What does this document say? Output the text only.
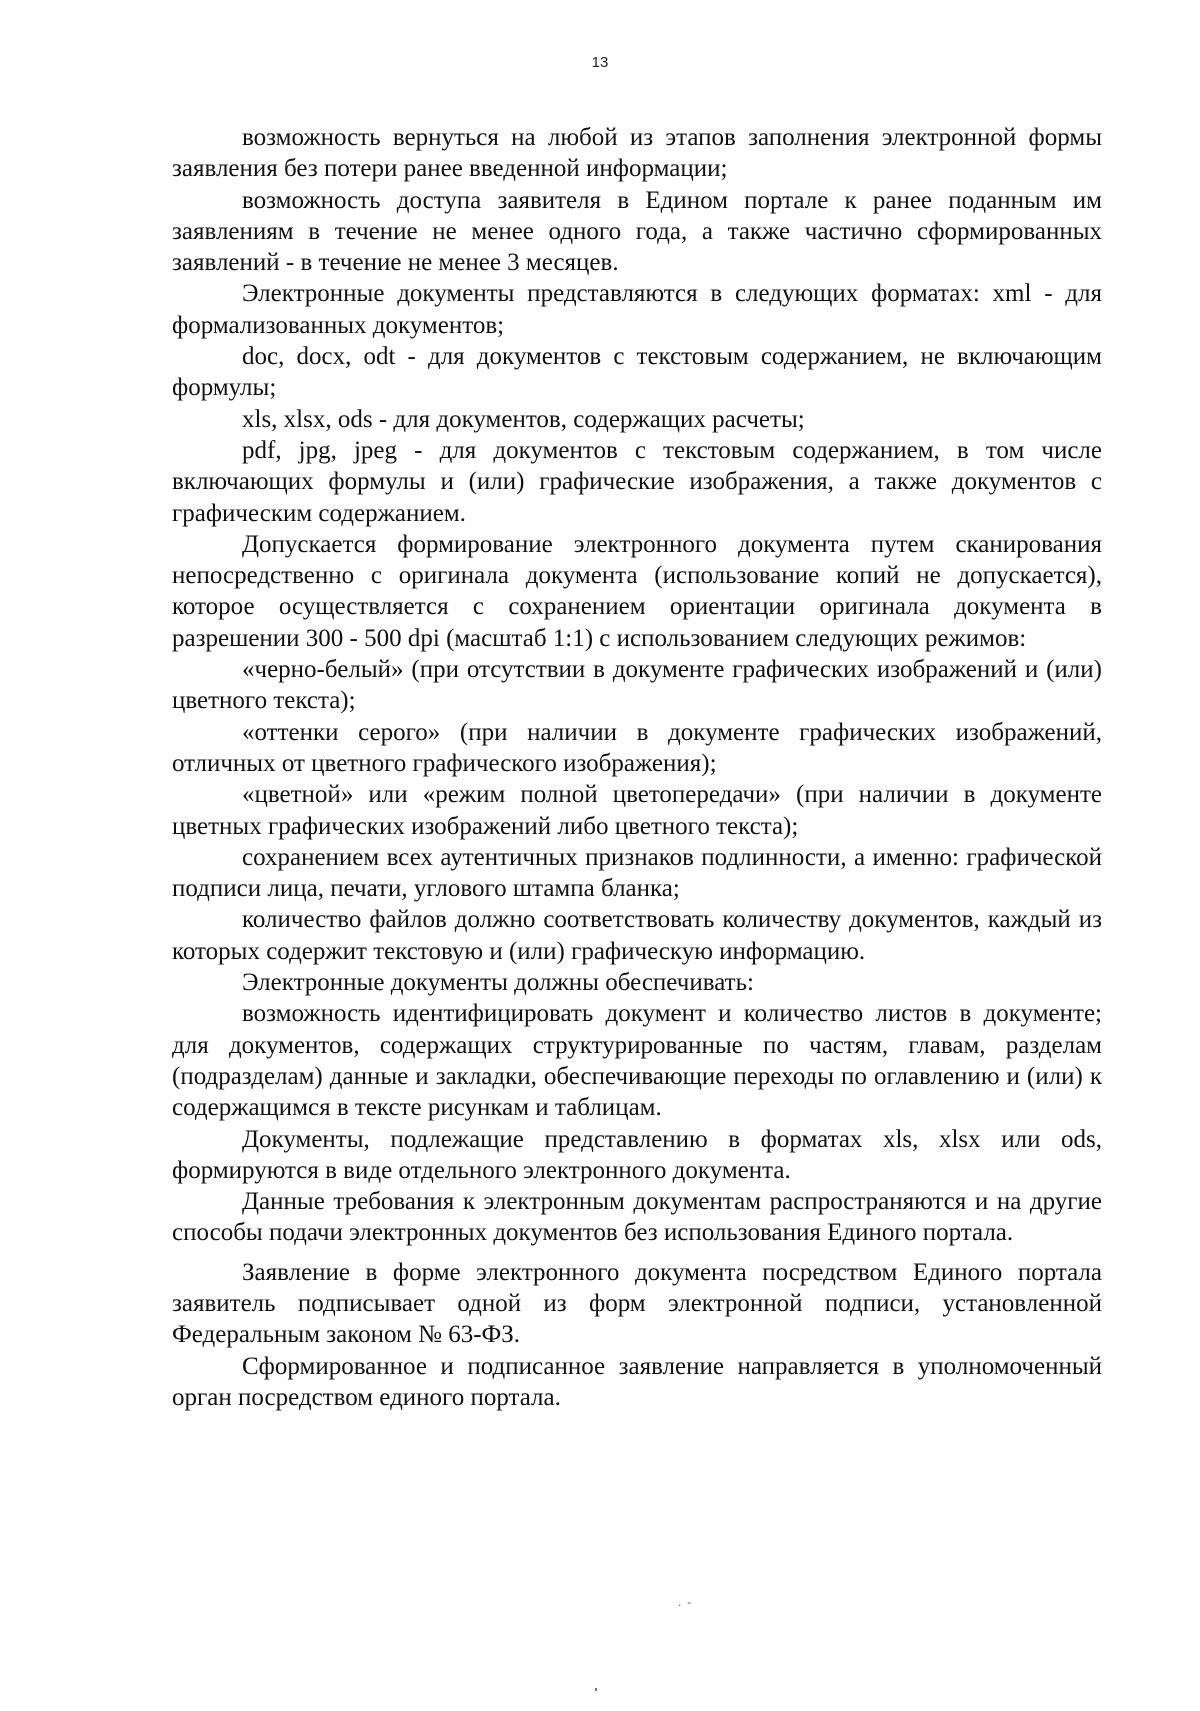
13

возможность вернуться на любой из этапов заполнения электронной формы заявления без потери ранее введенной информации;

возможность доступа заявителя в Едином портале к ранее поданным им заявлениям в течение не менее одного года, а также частично сформированных заявлений - в течение не менее 3 месяцев.

Электронные документы представляются в следующих форматах: xml - для формализованных документов;

doc, docx, odt - для документов с текстовым содержанием, не включающим формулы;

xls, xlsx, ods - для документов, содержащих расчеты;

pdf, jpg, jpeg - для документов с текстовым содержанием, в том числе включающих формулы и (или) графические изображения, а также документов с графическим содержанием.

Допускается формирование электронного документа путем сканирования непосредственно с оригинала документа (использование копий не допускается), которое осуществляется с сохранением ориентации оригинала документа в разрешении 300 - 500 dpi (масштаб 1:1) с использованием следующих режимов:

«черно-белый» (при отсутствии в документе графических изображений и (или) цветного текста);

«оттенки серого» (при наличии в документе графических изображений, отличных от цветного графического изображения);

«цветной» или «режим полной цветопередачи» (при наличии в документе цветных графических изображений либо цветного текста);

сохранением всех аутентичных признаков подлинности, а именно: графической подписи лица, печати, углового штампа бланка;

количество файлов должно соответствовать количеству документов, каждый из которых содержит текстовую и (или) графическую информацию.

Электронные документы должны обеспечивать:

возможность идентифицировать документ и количество листов в документе; для документов, содержащих структурированные по частям, главам, разделам (подразделам) данные и закладки, обеспечивающие переходы по оглавлению и (или) к содержащимся в тексте рисункам и таблицам.

Документы, подлежащие представлению в форматах xls, xlsx или ods, формируются в виде отдельного электронного документа.

Данные требования к электронным документам распространяются и на другие способы подачи электронных документов без использования Единого портала.

Заявление в форме электронного документа посредством Единого портала заявитель подписывает одной из форм электронной подписи, установленной Федеральным законом № 63-ФЗ.

Сформированное и подписанное заявление направляется в уполномоченный орган посредством единого портала.

.-
